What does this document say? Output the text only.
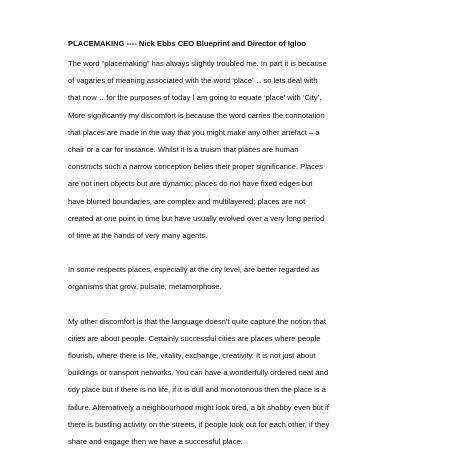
PLACEMAKING ---- Nick Ebbs CEO Blueprint and Director of Igloo

The word “placemaking” has always slightly troubled me. In part it is because
of vagaries of meaning associated with the word ‘place’… so lets deal with
that now …for the purposes of today I am going to equate ‘place’ with ‘City’.
More significantly my discomfort is because the word carries the connotation
that places are made in the way that you might make any other artefact – a
chair or a car for instance. Whilst it is a truism that places are human
constructs such a narrow conception belies their proper significance. Places
are not inert objects but are dynamic; places do not have fixed edges but
have blurred boundaries, are complex and multilayered; places are not
created at one point in time but have usually evolved over a very long period
of time at the hands of very many agents.

In some respects places, especially at the city level, are better regarded as
organisms that grow, pulsate, metamorphose.

My other discomfort is that the language doesn’t quite capture the notion that
cities are about people. Certainly successful cities are places where people
flourish, where there is life, vitality, exchange, creativity. It is not just about
buildings or transport networks. You can have a wonderfully ordered neat and
tidy place but if there is no life, if it is dull and monotonous then the place is a
failure. Alternatively a neighbourhood might look tired, a bit shabby even but if
there is bustling activity on the streets, if people look out for each other, if they
share and engage then we have a successful place.
